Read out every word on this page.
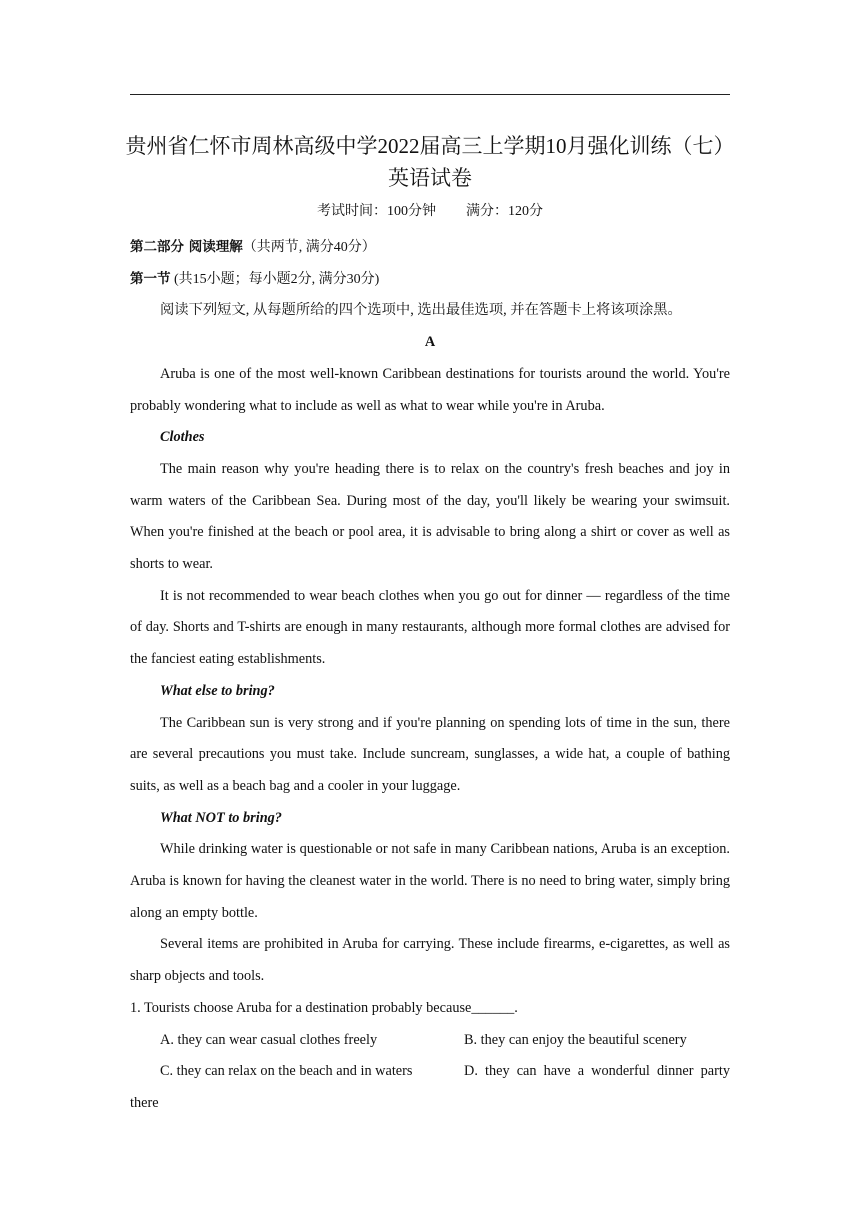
贵州省仁怀市周林高级中学2022届高三上学期10月强化训练（七）
英语试卷
考试时间：100分钟 满分：120分

第二部分 阅读理解（共两节, 满分40分）

第一节 (共15小题；每小题2分, 满分30分)

阅读下列短文, 从每题所给的四个选项中, 选出最佳选项, 并在答题卡上将该项涂黑。

A

Aruba is one of the most well-known Caribbean destinations for tourists around the world. You're probably wondering what to include as well as what to wear while you're in Aruba.

Clothes

The main reason why you're heading there is to relax on the country's fresh beaches and joy in warm waters of the Caribbean Sea. During most of the day, you'll likely be wearing your swimsuit. When you're finished at the beach or pool area, it is advisable to bring along a shirt or cover as well as shorts to wear.

It is not recommended to wear beach clothes when you go out for dinner — regardless of the time of day. Shorts and T-shirts are enough in many restaurants, although more formal clothes are advised for the fanciest eating establishments.

What else to bring?

The Caribbean sun is very strong and if you're planning on spending lots of time in the sun, there are several precautions you must take. Include suncream, sunglasses, a wide hat, a couple of bathing suits, as well as a beach bag and a cooler in your luggage.

What NOT to bring?

While drinking water is questionable or not safe in many Caribbean nations, Aruba is an exception. Aruba is known for having the cleanest water in the world. There is no need to bring water, simply bring along an empty bottle.

Several items are prohibited in Aruba for carrying. These include firearms, e-cigarettes, as well as sharp objects and tools.

1. Tourists choose Aruba for a destination probably because______.

A. they can wear casual clothes freely	B. they can enjoy the beautiful scenery
C. they can relax on the beach and in waters	D. they can have a wonderful dinner party

there
